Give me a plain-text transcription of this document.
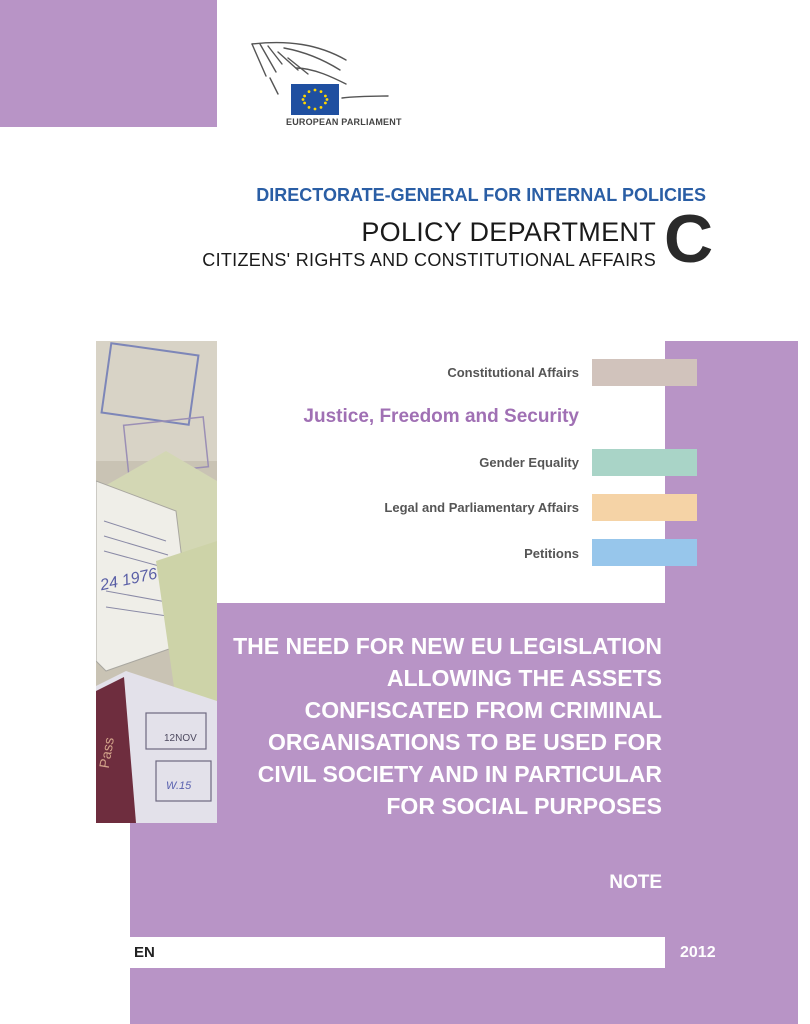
EUROPEAN PARLIAMENT
DIRECTORATE-GENERAL FOR INTERNAL POLICIES
POLICY DEPARTMENT
CITIZENS' RIGHTS AND CONSTITUTIONAL AFFAIRS C
Constitutional Affairs
Justice, Freedom and Security
Gender Equality
Legal and Parliamentary Affairs
Petitions
24 1976
Pass	12NOV
W.15
THE NEED FOR NEW EU LEGISLATION
ALLOWING THE ASSETS
CONFISCATED FROM CRIMINAL
ORGANISATIONS TO BE USED FOR
CIVIL SOCIETY AND IN PARTICULAR
FOR SOCIAL PURPOSES
NOTE
EN	2012
